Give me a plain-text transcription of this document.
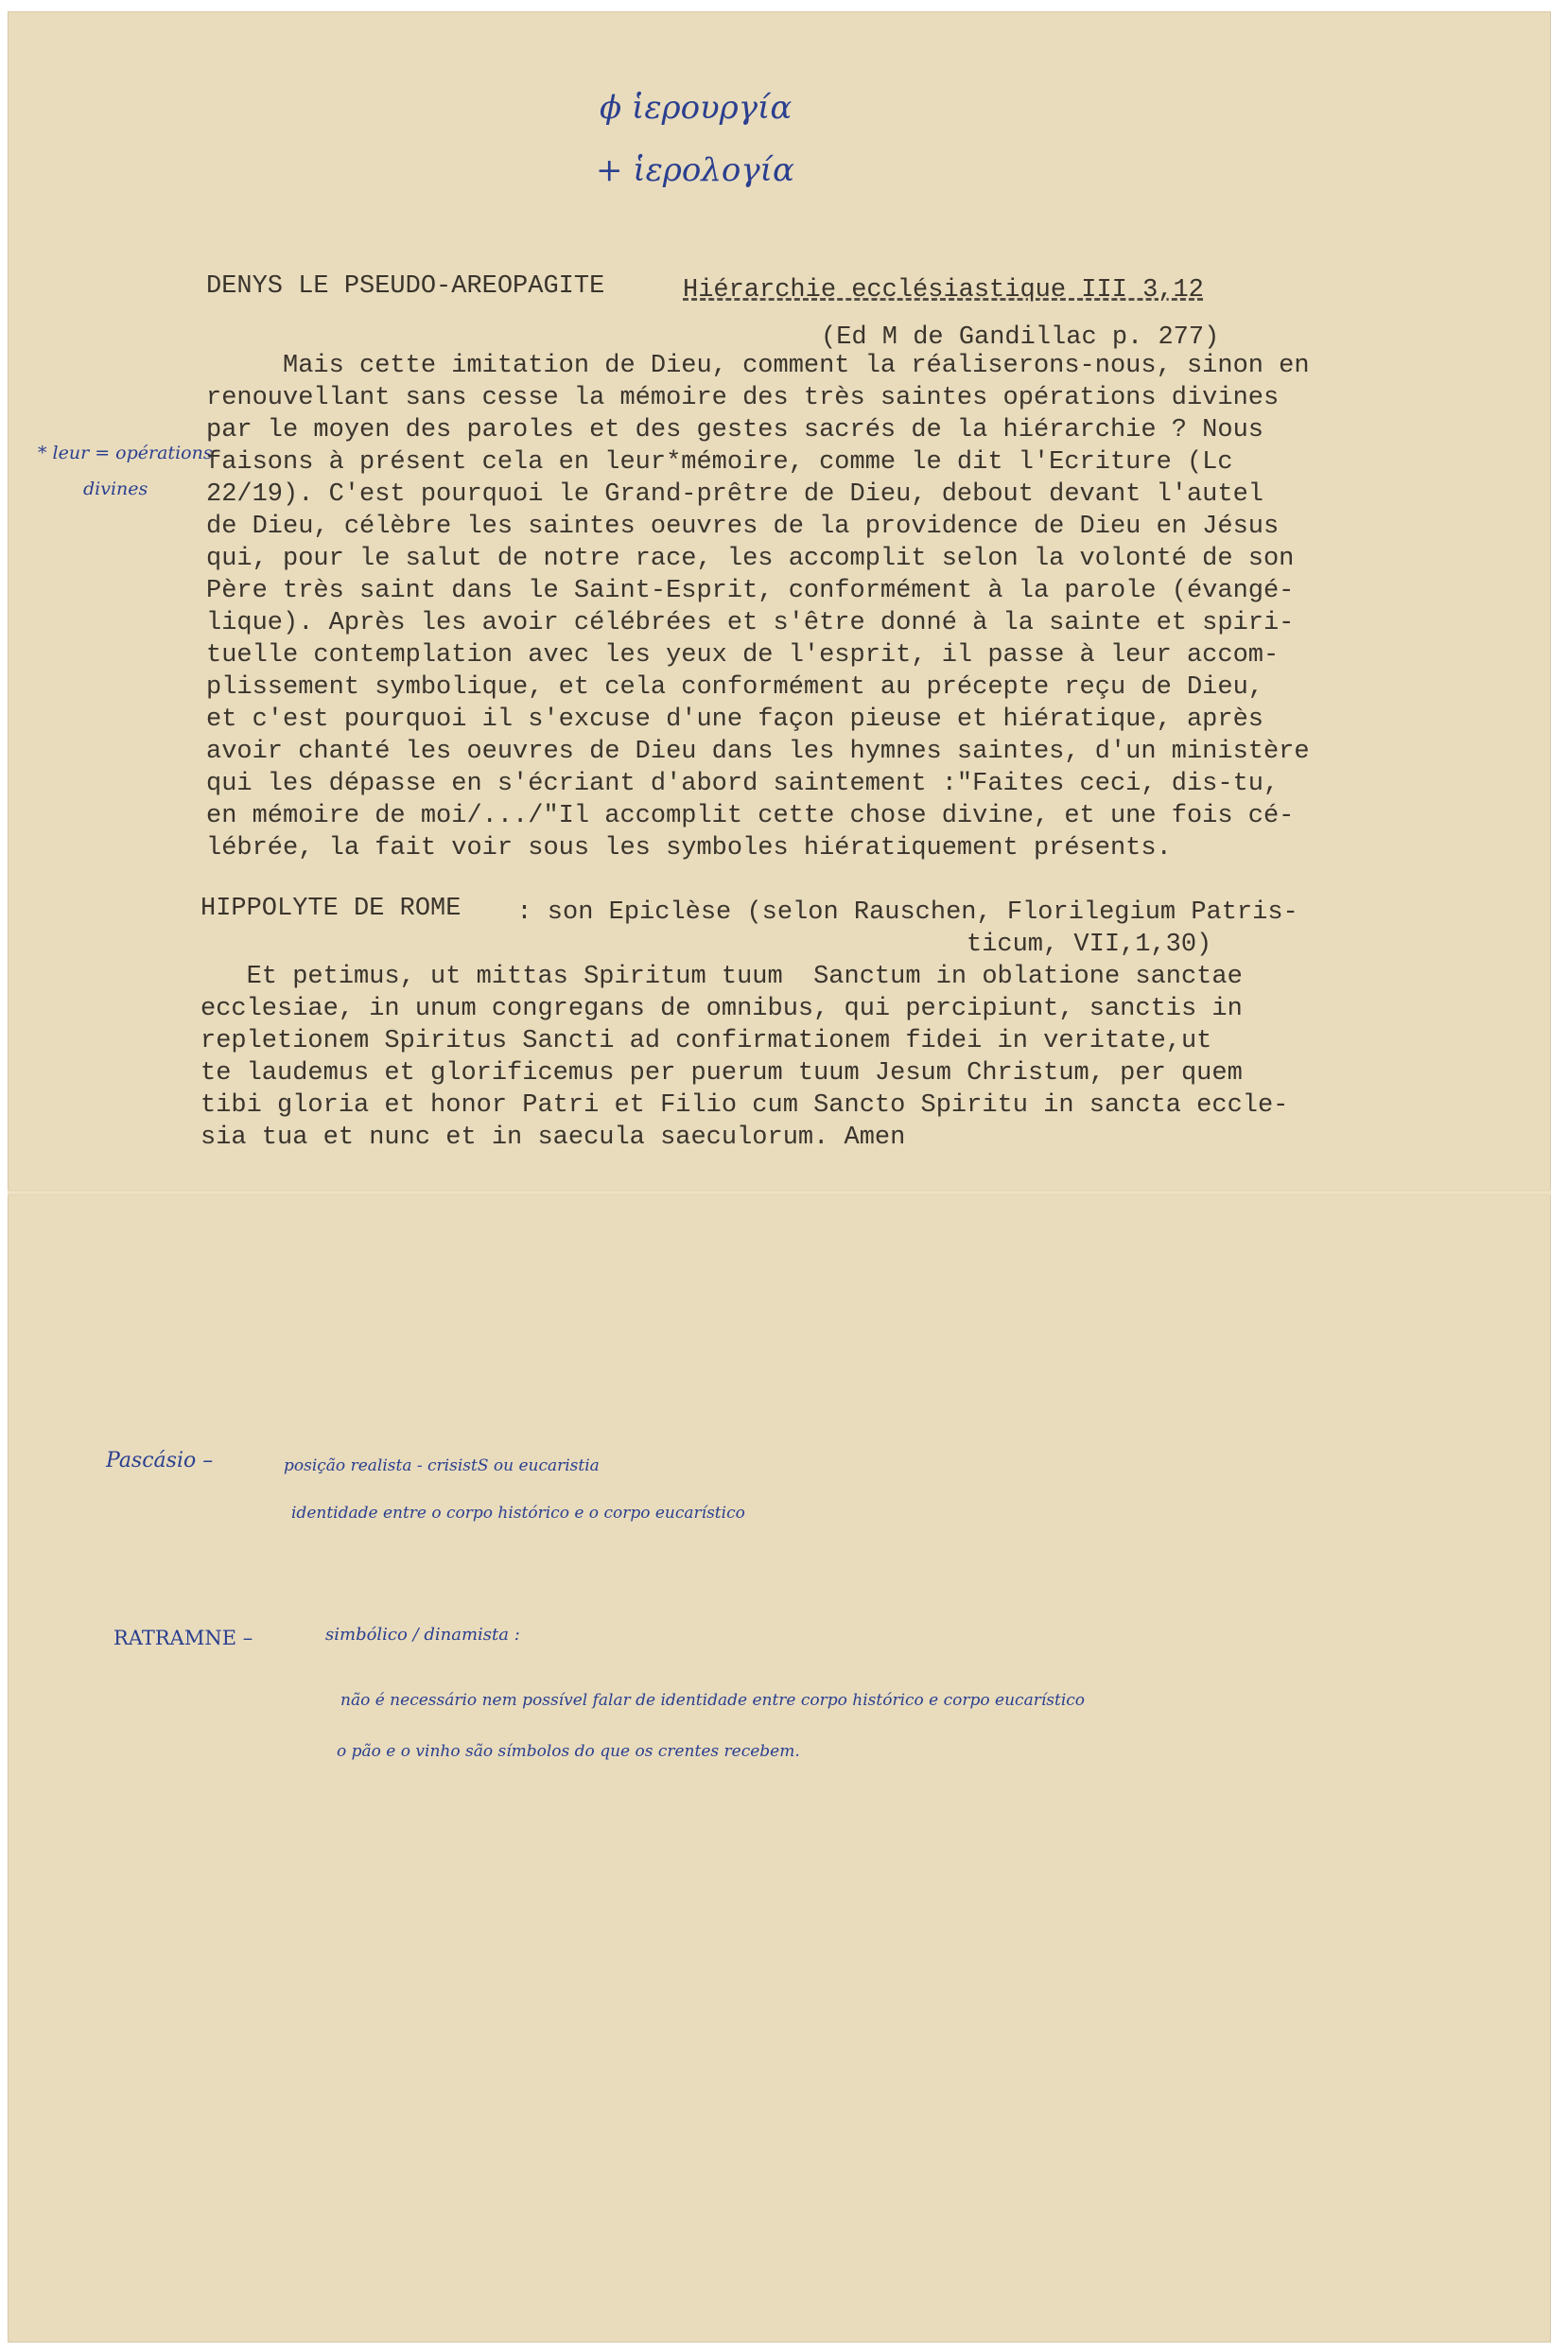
ϕ ἱερουργία
+ ἱερολογία

DENYS LE PSEUDO-AREOPAGITE	Hiérarchie ecclésiastique III 3,12

(Ed M de Gandillac p. 277)

* leur = opérations
divines

Mais cette imitation de Dieu, comment la réaliserons-nous, sinon en

renouvellant sans cesse la mémoire des très saintes opérations divines

par le moyen des paroles et des gestes sacrés de la hiérarchie ? Nous

faisons à présent cela en leur*mémoire, comme le dit l'Ecriture (Lc

22/19). C'est pourquoi le Grand-prêtre de Dieu, debout devant l'autel

de Dieu, célèbre les saintes oeuvres de la providence de Dieu en Jésus

qui, pour le salut de notre race, les accomplit selon la volonté de son

Père très saint dans le Saint-Esprit, conformément à la parole (évangé-

lique). Après les avoir célébrées et s'être donné à la sainte et spiri-

tuelle contemplation avec les yeux de l'esprit, il passe à leur accom-

plissement symbolique, et cela conformément au précepte reçu de Dieu,

et c'est pourquoi il s'excuse d'une façon pieuse et hiératique, après

avoir chanté les oeuvres de Dieu dans les hymnes saintes, d'un ministère

qui les dépasse en s'écriant d'abord saintement :"Faites ceci, dis-tu,

en mémoire de moi/.../"Il accomplit cette chose divine, et une fois cé-

lébrée, la fait voir sous les symboles hiératiquement présents.

HIPPOLYTE DE ROME : son Epiclèse (selon Rauschen, Florilegium Patris-

ticum, VII,1,30)

Et petimus, ut mittas Spiritum tuum  Sanctum in oblatione sanctae

ecclesiae, in unum congregans de omnibus, qui percipiunt, sanctis in

repletionem Spiritus Sancti ad confirmationem fidei in veritate,ut

te laudemus et glorificemus per puerum tuum Jesum Christum, per quem

tibi gloria et honor Patri et Filio cum Sancto Spiritu in sancta eccle-

sia tua et nunc et in saecula saeculorum. Amen

Pascásio –	posição realista - crisistS ou eucaristia
identidade entre o corpo histórico e o corpo eucarístico
RATRAMNE –	simbólico / dinamista :
não é necessário nem possível falar de identidade entre corpo histórico e corpo eucarístico
o pão e o vinho são símbolos do que os crentes recebem.
